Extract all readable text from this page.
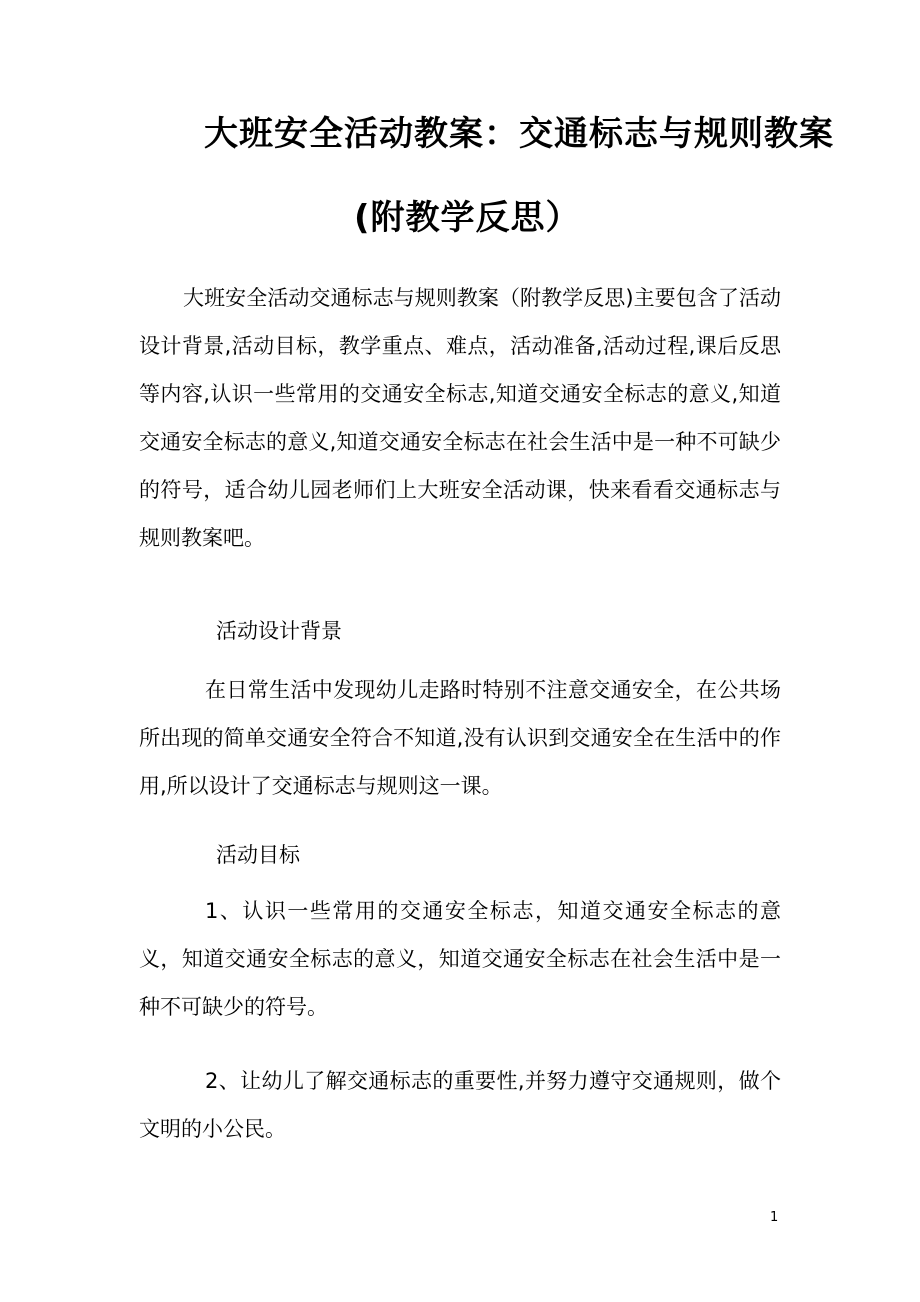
大班安全活动教案：交通标志与规则教案
(附教学反思）
大班安全活动交通标志与规则教案（附教学反思)主要包含了活动设计背景,活动目标，教学重点、难点，活动准备,活动过程,课后反思等内容,认识一些常用的交通安全标志,知道交通安全标志的意义,知道交通安全标志的意义,知道交通安全标志在社会生活中是一种不可缺少的符号，适合幼儿园老师们上大班安全活动课，快来看看交通标志与规则教案吧。
活动设计背景
在日常生活中发现幼儿走路时特别不注意交通安全，在公共场所出现的简单交通安全符合不知道,没有认识到交通安全在生活中的作用,所以设计了交通标志与规则这一课。
活动目标
1、认识一些常用的交通安全标志，知道交通安全标志的意义，知道交通安全标志的意义，知道交通安全标志在社会生活中是一种不可缺少的符号。
2、让幼儿了解交通标志的重要性,并努力遵守交通规则，做个文明的小公民。
1
